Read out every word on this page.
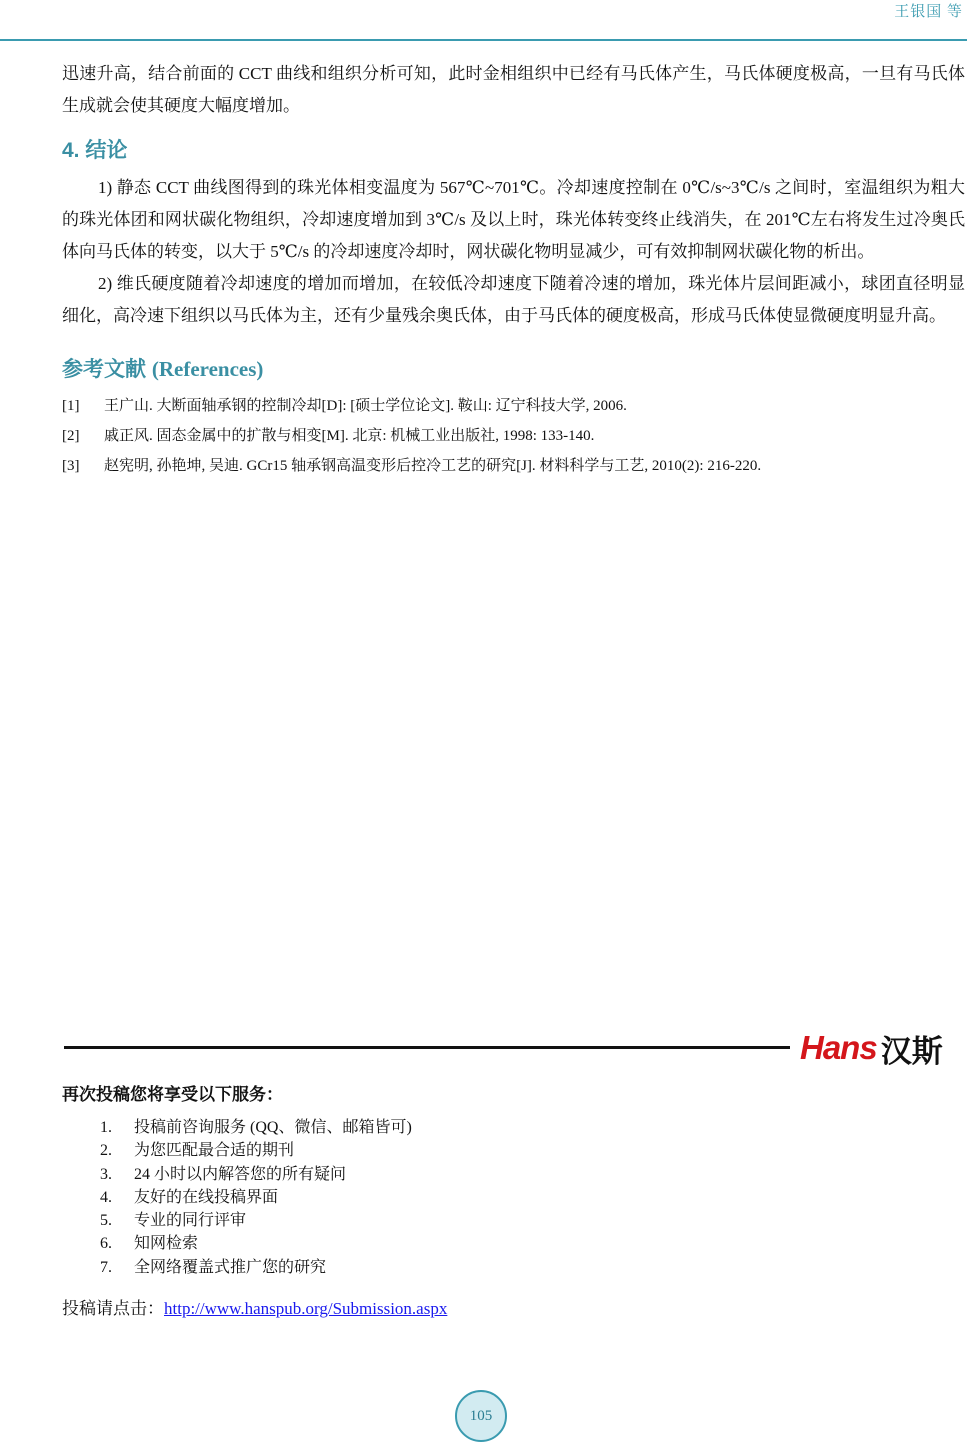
王银国 等

迅速升高，结合前面的 CCT 曲线和组织分析可知，此时金相组织中已经有马氏体产生，马氏体硬度极高，一旦有马氏体生成就会使其硬度大幅度增加。

4. 结论

1) 静态 CCT 曲线图得到的珠光体相变温度为 567℃~701℃。冷却速度控制在 0℃/s~3℃/s 之间时，室温组织为粗大的珠光体团和网状碳化物组织，冷却速度增加到 3℃/s 及以上时，珠光体转变终止线消失，在 201℃左右将发生过冷奥氏体向马氏体的转变，以大于 5℃/s 的冷却速度冷却时，网状碳化物明显减少，可有效抑制网状碳化物的析出。

2) 维氏硬度随着冷却速度的增加而增加，在较低冷却速度下随着冷速的增加，珠光体片层间距减小，球团直径明显细化，高冷速下组织以马氏体为主，还有少量残余奥氏体，由于马氏体的硬度极高，形成马氏体使显微硬度明显升高。

参考文献 (References)
[1]	王广山. 大断面轴承钢的控制冷却[D]: [硕士学位论文]. 鞍山: 辽宁科技大学, 2006.
[2]	戚正风. 固态金属中的扩散与相变[M]. 北京: 机械工业出版社, 1998: 133-140.
[3]	赵宪明, 孙艳坤, 吴迪. GCr15 轴承钢高温变形后控冷工艺的研究[J]. 材料科学与工艺, 2010(2): 216-220.
Hans 汉斯
再次投稿您将享受以下服务：
1.	投稿前咨询服务 (QQ、微信、邮箱皆可)
2.	为您匹配最合适的期刊
3.	24 小时以内解答您的所有疑问
4.	友好的在线投稿界面
5.	专业的同行评审
6.	知网检索
7.	全网络覆盖式推广您的研究
投稿请点击：http://www.hanspub.org/Submission.aspx
105
